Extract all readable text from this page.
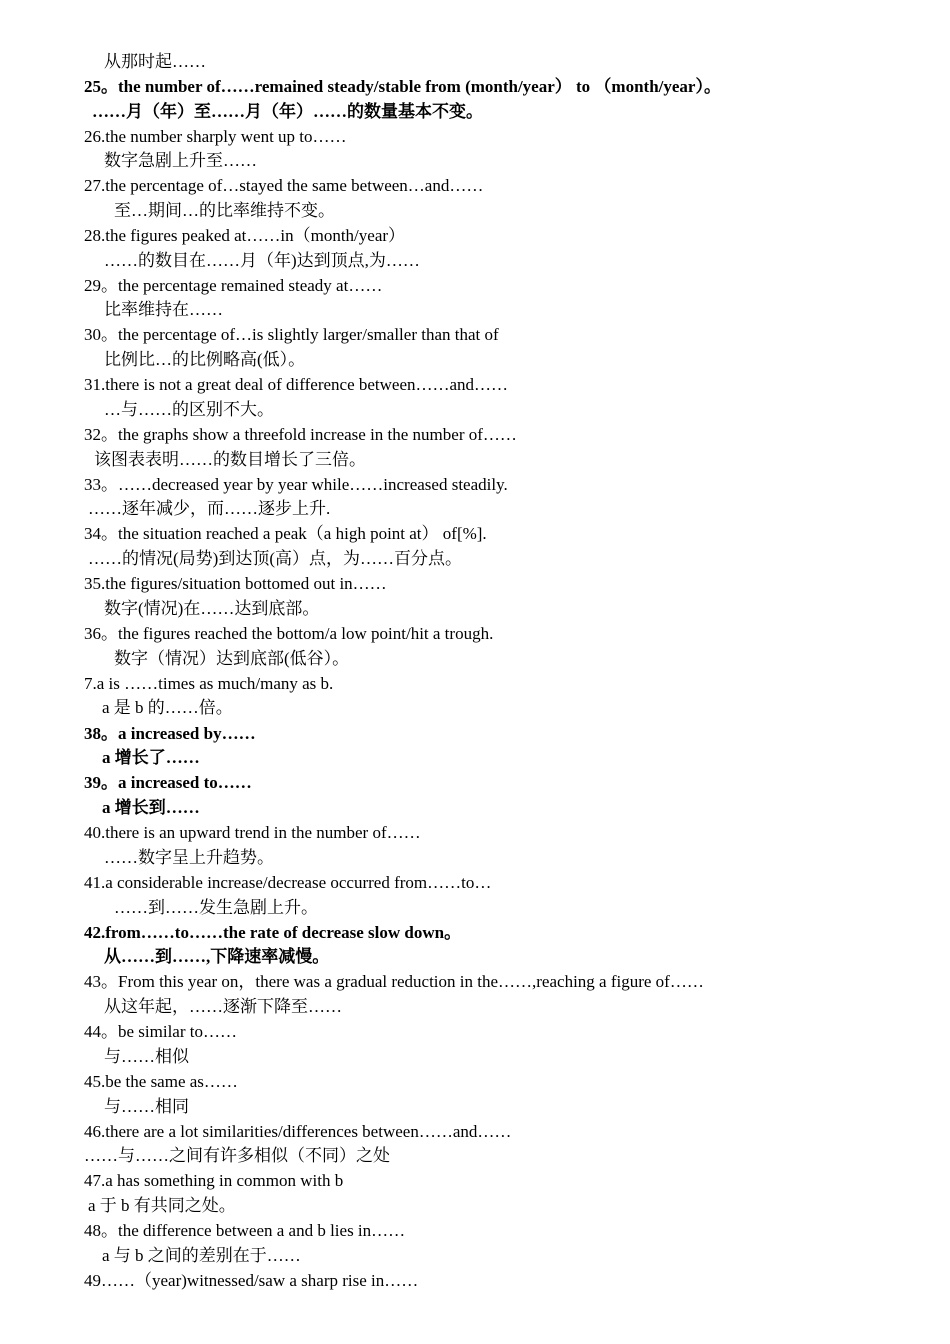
从那时起……
25。the number of……remained steady/stable from (month/year） to （month/year）。
……月（年）至……月（年）……的数量基本不变。
26.the number sharply went up to……
数字急剧上升至……
27.the percentage of…stayed the same between…and……
至…期间…的比率维持不变。
28.the figures peaked at……in（month/year）
……的数目在……月（年)达到顶点,为……
29。the percentage remained steady at……
比率维持在……
30。the percentage of…is slightly larger/smaller than that of
比例比…的比例略高(低）。
31.there is not a great deal of difference between……and……
…与……的区别不大。
32。the graphs show a threefold increase in the number of……
该图表表明……的数目增长了三倍。
33。……decreased year by year while……increased steadily.
……逐年减少，而……逐步上升.
34。the situation reached a peak（a high point at） of[%].
……的情况(局势)到达顶(高）点，为……百分点。
35.the figures/situation bottomed out in……
数字(情况)在……达到底部。
36。the figures reached the bottom/a low point/hit a trough.
数字（情况）达到底部(低谷）。
7.a is ……times as much/many as b.
a 是 b 的……倍。
38。a increased by……
a 增长了……
39。a increased to……
a 增长到……
40.there is an upward trend in the number of……
……数字呈上升趋势。
41.a considerable increase/decrease occurred from……to…
……到……发生急剧上升。
42.from……to……the rate of decrease slow down。
从……到……,下降速率减慢。
43。From this year on，there was a gradual reduction in the……,reaching a figure of……
从这年起，……逐渐下降至……
44。be similar to……
与……相似
45.be the same as……
与……相同
46.there are a lot similarities/differences between……and……
……与……之间有许多相似（不同）之处
47.a has something in common with b
a 于 b 有共同之处。
48。the difference between a and b lies in……
a 与 b 之间的差别在于……
49……（year)witnessed/saw a sharp rise in……
